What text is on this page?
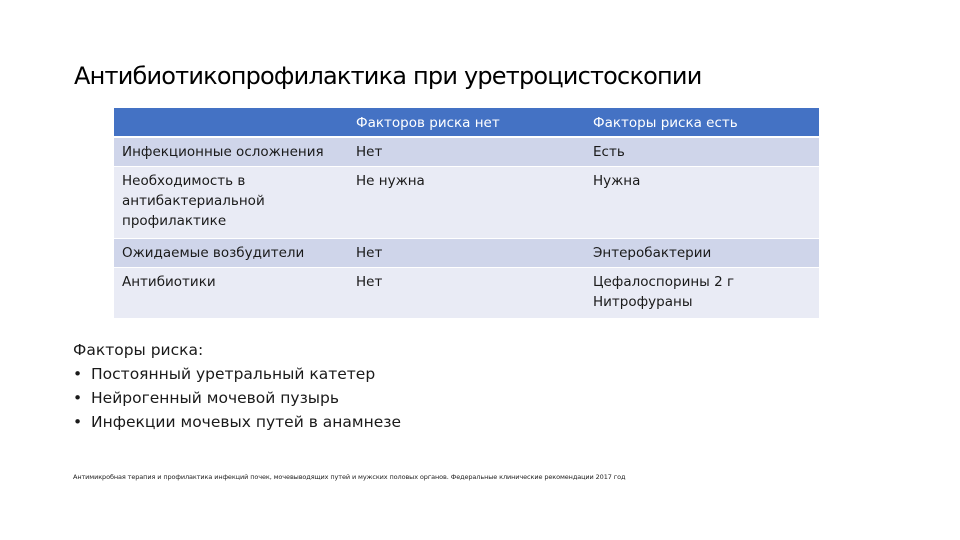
Антибиотикопрофилактика при уретроцистоскопии
	Факторов риска нет	Факторы риска есть
Инфекционные осложнения	Нет	Есть
Необходимость в антибактериальной профилактике	Не нужна	Нужна
Ожидаемые возбудители	Нет	Энтеробактерии
Антибиотики	Нет	Цефалоспорины 2 г Нитрофураны
Факторы риска:
• Постоянный уретральный катетер
• Нейрогенный мочевой пузырь
• Инфекции мочевых путей в анамнезе
Антимикробная терапия и профилактика инфекций почек, мочевыводящих путей и мужских половых органов. Федеральные клинические рекомендации 2017 год
